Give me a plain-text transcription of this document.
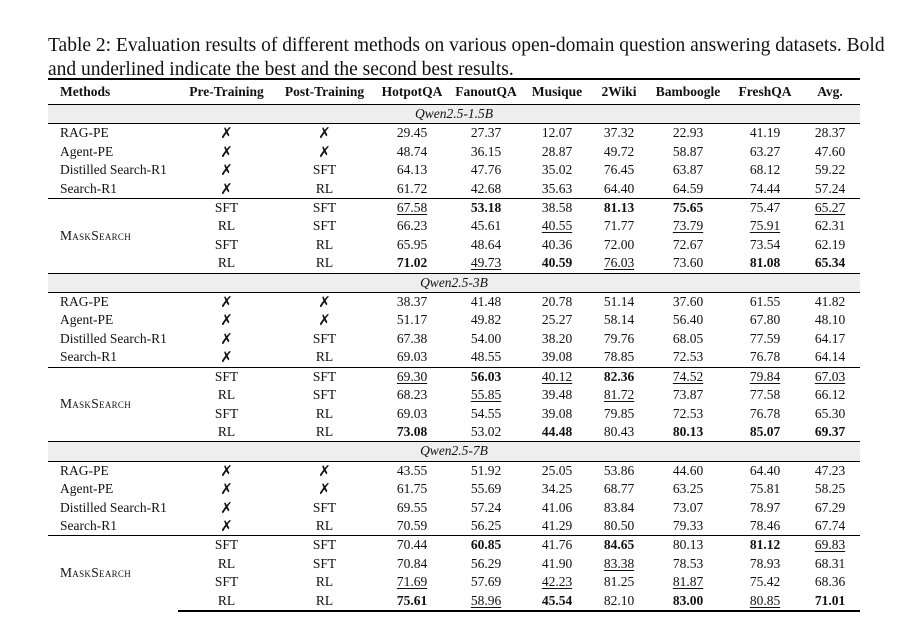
Table 2: Evaluation results of different methods on various open-domain question answering datasets. Bold and underlined indicate the best and the second best results.
Methods	Pre-Training	Post-Training	HotpotQA	FanoutQA	Musique	2Wiki	Bamboogle	FreshQA	Avg.
Qwen2.5-1.5B									
RAG-PE	✗	✗	29.45	27.37	12.07	37.32	22.93	41.19	28.37
Agent-PE	✗	✗	48.74	36.15	28.87	49.72	58.87	63.27	47.60
Distilled Search-R1	✗	SFT	64.13	47.76	35.02	76.45	63.87	68.12	59.22
Search-R1	✗	RL	61.72	42.68	35.63	64.40	64.59	74.44	57.24
MaskSearch	SFT	SFT	67.58	53.18	38.58	81.13	75.65	75.47	65.27
	RL	SFT	66.23	45.61	40.55	71.77	73.79	75.91	62.31
	SFT	RL	65.95	48.64	40.36	72.00	72.67	73.54	62.19
	RL	RL	71.02	49.73	40.59	76.03	73.60	81.08	65.34
Qwen2.5-3B									
RAG-PE	✗	✗	38.37	41.48	20.78	51.14	37.60	61.55	41.82
Agent-PE	✗	✗	51.17	49.82	25.27	58.14	56.40	67.80	48.10
Distilled Search-R1	✗	SFT	67.38	54.00	38.20	79.76	68.05	77.59	64.17
Search-R1	✗	RL	69.03	48.55	39.08	78.85	72.53	76.78	64.14
MaskSearch	SFT	SFT	69.30	56.03	40.12	82.36	74.52	79.84	67.03
	RL	SFT	68.23	55.85	39.48	81.72	73.87	77.58	66.12
	SFT	RL	69.03	54.55	39.08	79.85	72.53	76.78	65.30
	RL	RL	73.08	53.02	44.48	80.43	80.13	85.07	69.37
Qwen2.5-7B									
RAG-PE	✗	✗	43.55	51.92	25.05	53.86	44.60	64.40	47.23
Agent-PE	✗	✗	61.75	55.69	34.25	68.77	63.25	75.81	58.25
Distilled Search-R1	✗	SFT	69.55	57.24	41.06	83.84	73.07	78.97	67.29
Search-R1	✗	RL	70.59	56.25	41.29	80.50	79.33	78.46	67.74
MaskSearch	SFT	SFT	70.44	60.85	41.76	84.65	80.13	81.12	69.83
	RL	SFT	70.84	56.29	41.90	83.38	78.53	78.93	68.31
	SFT	RL	71.69	57.69	42.23	81.25	81.87	75.42	68.36
	RL	RL	75.61	58.96	45.54	82.10	83.00	80.85	71.01
